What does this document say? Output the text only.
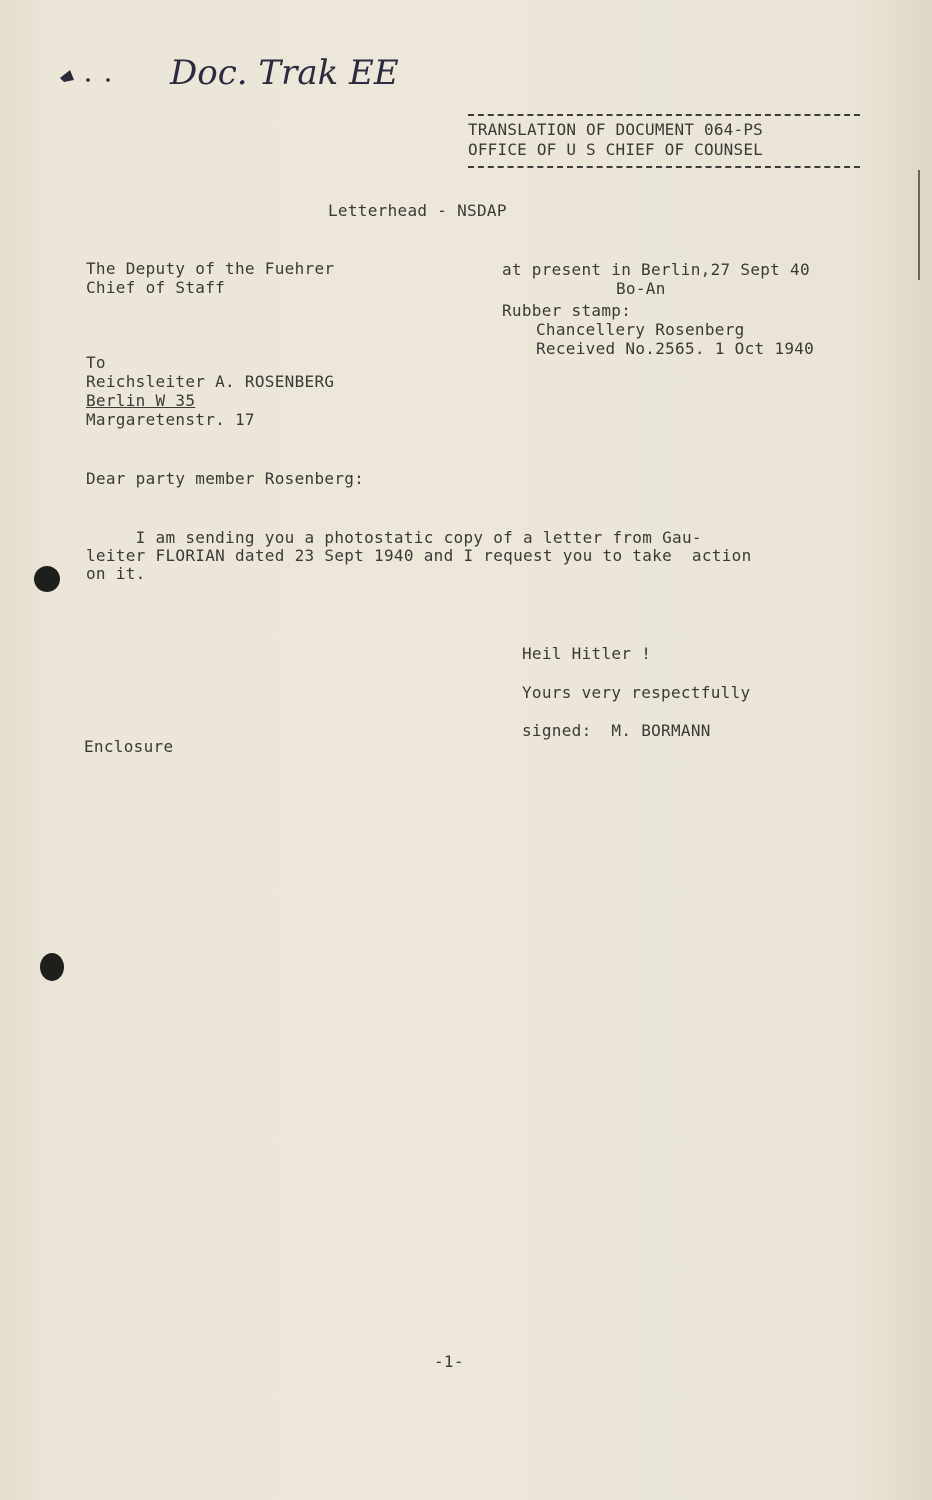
Doc. Trak EE
TRANSLATION OF DOCUMENT 064-PS
OFFICE OF U S CHIEF OF COUNSEL
Letterhead - NSDAP
The Deputy of the Fuehrer
Chief of Staff
at present in Berlin,27 Sept 40
Bo-An
Rubber stamp:
Chancellery Rosenberg
Received No.2565. 1 Oct 1940
To
Reichsleiter A. ROSENBERG
Berlin W 35
Margaretenstr. 17
Dear party member Rosenberg:

I am sending you a photostatic copy of a letter from Gau-

leiter FLORIAN dated 23 Sept 1940 and I request you to take  action

on it.

Heil Hitler !
Yours very respectfully
signed:  M. BORMANN
Enclosure
-1-
